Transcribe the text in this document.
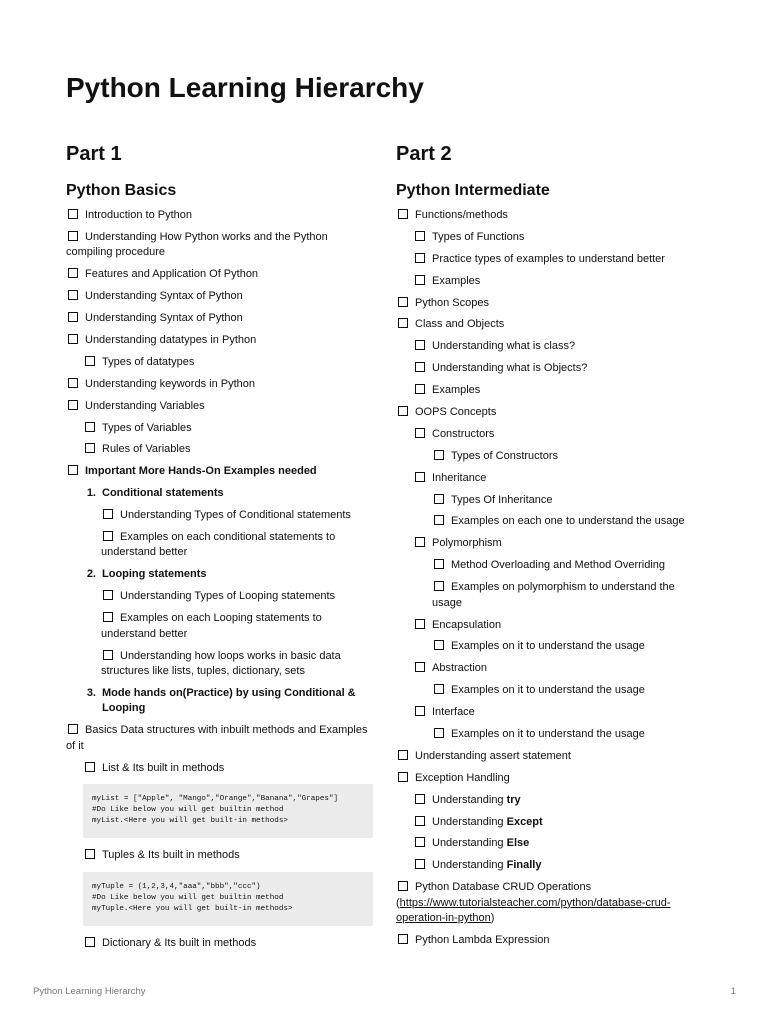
Python Learning Hierarchy
Part 1
Python Basics
Introduction to Python
Understanding How Python works and the Python compiling procedure
Features and Application Of Python
Understanding Syntax of Python
Understanding Syntax of Python
Understanding datatypes in Python
Types of datatypes
Understanding keywords in Python
Understanding Variables
Types of Variables
Rules of Variables
Important More Hands-On Examples needed
1. Conditional statements
Understanding Types of Conditional statements
Examples on each conditional statements to understand better
2. Looping statements
Understanding Types of Looping statements
Examples on each Looping statements to understand better
Understanding how loops works in basic data structures like lists, tuples, dictionary, sets
3. Mode hands on(Practice) by using Conditional & Looping
Basics Data structures with inbuilt methods and Examples of it
List & Its built in methods
myList = ["Apple", "Mango","Orange","Banana","Grapes"]
#Do Like below you will get builtin method
myList.<Here you will get built-in methods>
Tuples & Its built in methods
myTuple = (1,2,3,4,"aaa","bbb","ccc")
#Do Like below you will get builtin method
myTuple.<Here you will get built-in methods>
Dictionary & Its built in methods
Part 2
Python Intermediate
Functions/methods
Types of Functions
Practice types of examples to understand better
Examples
Python Scopes
Class and Objects
Understanding what is class?
Understanding what is Objects?
Examples
OOPS Concepts
Constructors
Types of Constructors
Inheritance
Types Of Inheritance
Examples on each one to understand the usage
Polymorphism
Method Overloading and Method Overriding
Examples on polymorphism to understand the usage
Encapsulation
Examples on it to understand the usage
Abstraction
Examples on it to understand the usage
Interface
Examples on it to understand the usage
Understanding assert statement
Exception Handling
Understanding try
Understanding Except
Understanding Else
Understanding Finally
Python Database CRUD Operations
(https://www.tutorialsteacher.com/python/database-crud-operation-in-python)
Python Lambda Expression
Python Learning Hierarchy	1
